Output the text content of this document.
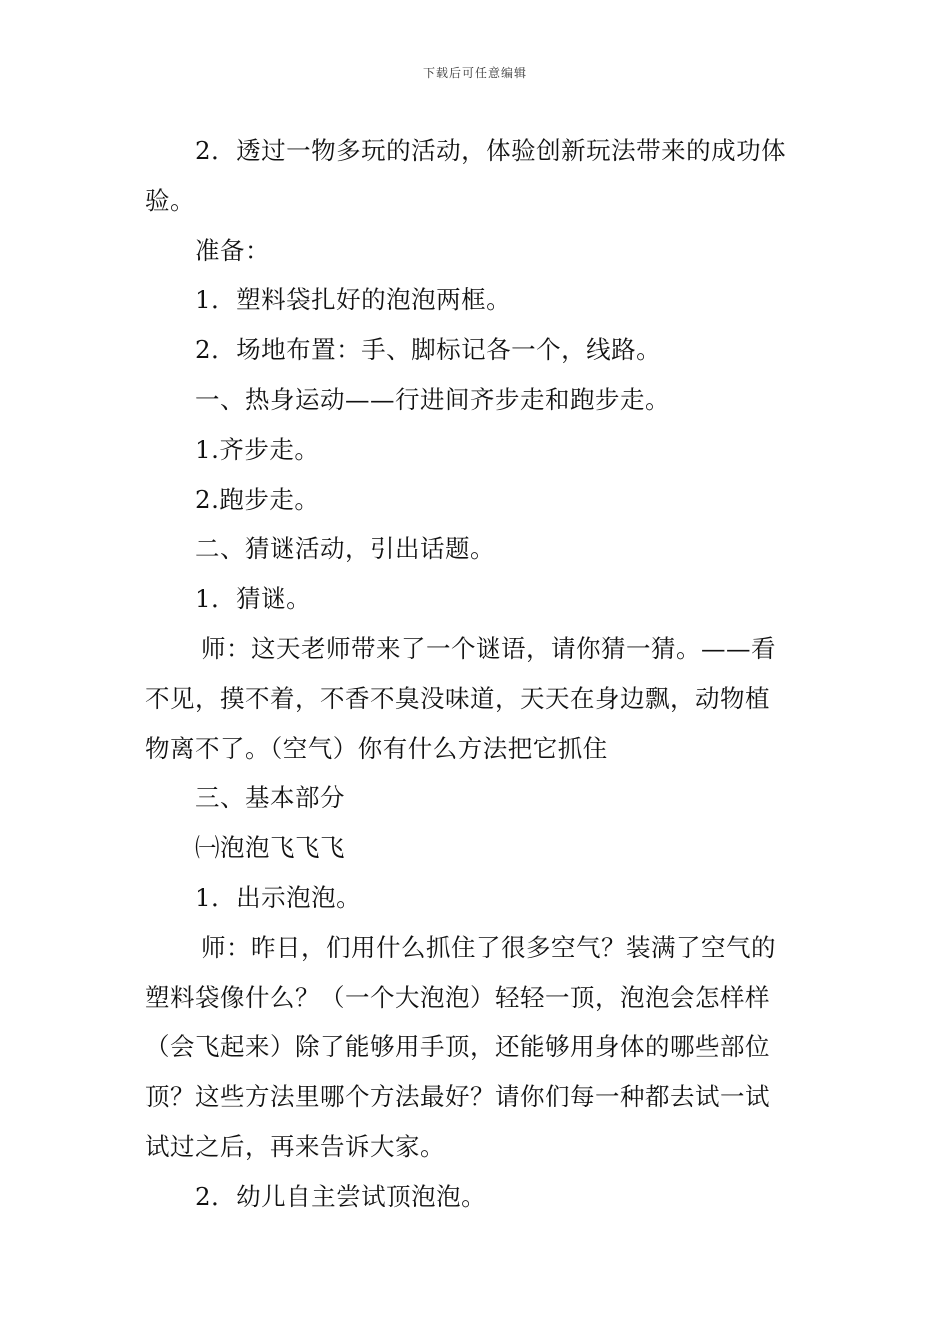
下载后可任意编辑
2．透过一物多玩的活动，体验创新玩法带来的成功体
验。
准备：
1．塑料袋扎好的泡泡两框。
2．场地布置：手、脚标记各一个，线路。
一、热身运动——行进间齐步走和跑步走。
1.齐步走。
2.跑步走。
二、猜谜活动，引出话题。
1．猜谜。
师：这天老师带来了一个谜语，请你猜一猜。——看
不见，摸不着，不香不臭没味道，天天在身边飘，动物植
物离不了。（空气）你有什么方法把它抓住
三、基本部分
㈠泡泡飞飞飞
1．出示泡泡。
师：昨日，们用什么抓住了很多空气？装满了空气的
塑料袋像什么？（一个大泡泡）轻轻一顶，泡泡会怎样样
（会飞起来）除了能够用手顶，还能够用身体的哪些部位
顶？这些方法里哪个方法最好？请你们每一种都去试一试
试过之后，再来告诉大家。
2．幼儿自主尝试顶泡泡。
